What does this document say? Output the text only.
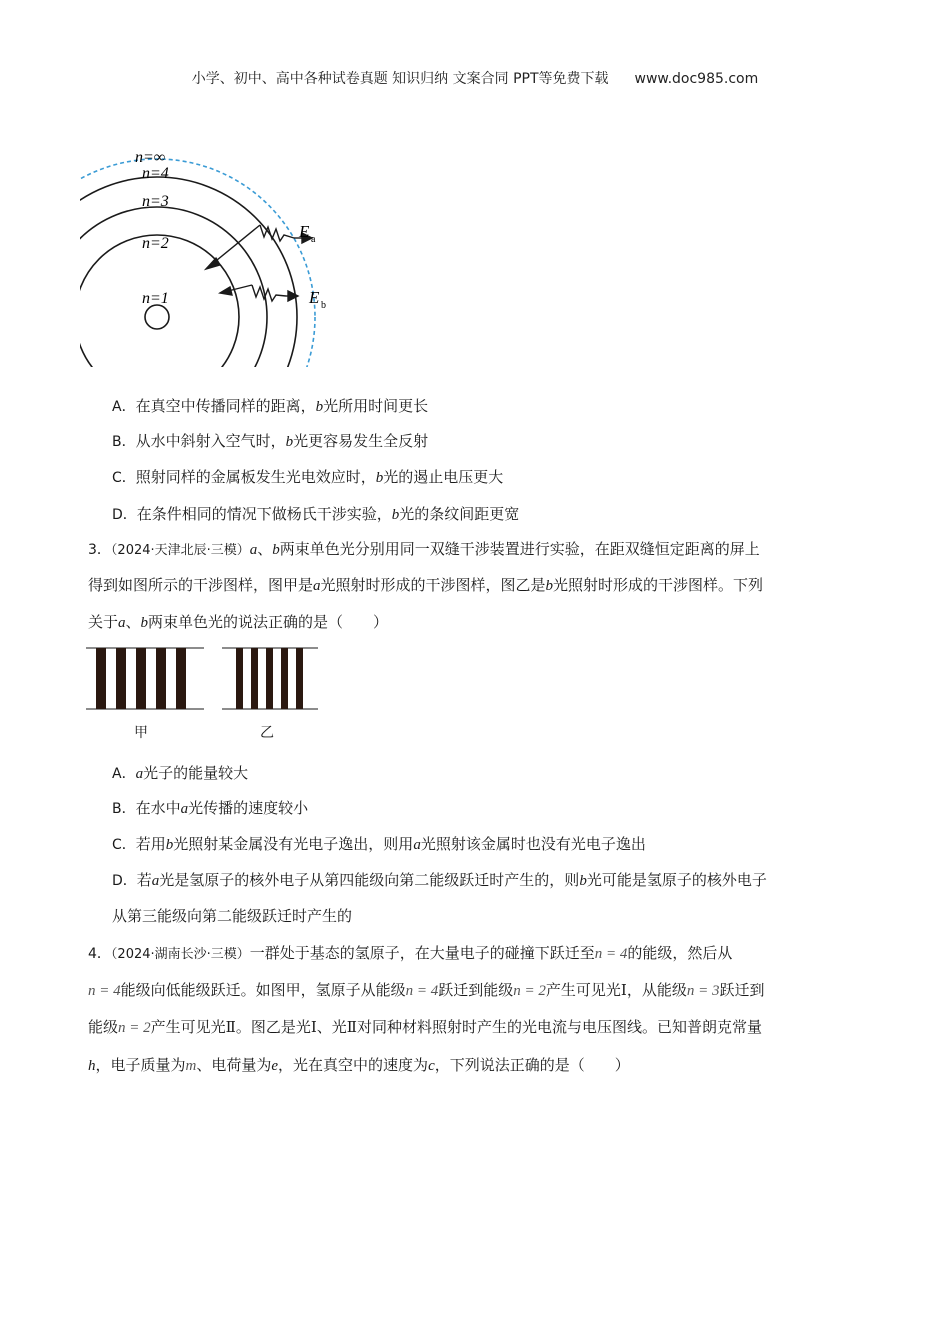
小学、初中、高中各种试卷真题 知识归纳 文案合同 PPT等免费下载 www.doc985.com
n=∞
n=4
n=3
n=2
n=1
E a
E b
A．在真空中传播同样的距离，b光所用时间更长
B．从水中斜射入空气时，b光更容易发生全反射
C．照射同样的金属板发生光电效应时，b光的遏止电压更大
D．在条件相同的情况下做杨氏干涉实验，b光的条纹间距更宽
3．（2024·天津北辰·三模）a、b两束单色光分别用同一双缝干涉装置进行实验，在距双缝恒定距离的屏上
得到如图所示的干涉图样，图甲是a光照射时形成的干涉图样，图乙是b光照射时形成的干涉图样。下列
关于a、b两束单色光的说法正确的是（　　）
甲	乙
A．a光子的能量较大
B．在水中a光传播的速度较小
C．若用b光照射某金属没有光电子逸出，则用a光照射该金属时也没有光电子逸出
D．若a光是氢原子的核外电子从第四能级向第二能级跃迁时产生的，则b光可能是氢原子的核外电子
从第三能级向第二能级跃迁时产生的
4．（2024·湖南长沙·三模）一群处于基态的氢原子，在大量电子的碰撞下跃迁至n = 4的能级，然后从
n = 4能级向低能级跃迁。如图甲，氢原子从能级n = 4跃迁到能级n = 2产生可见光Ⅰ，从能级n = 3跃迁到
能级n = 2产生可见光Ⅱ。图乙是光Ⅰ、光Ⅱ对同种材料照射时产生的光电流与电压图线。已知普朗克常量
h，电子质量为m、电荷量为e，光在真空中的速度为c，下列说法正确的是（　　）
